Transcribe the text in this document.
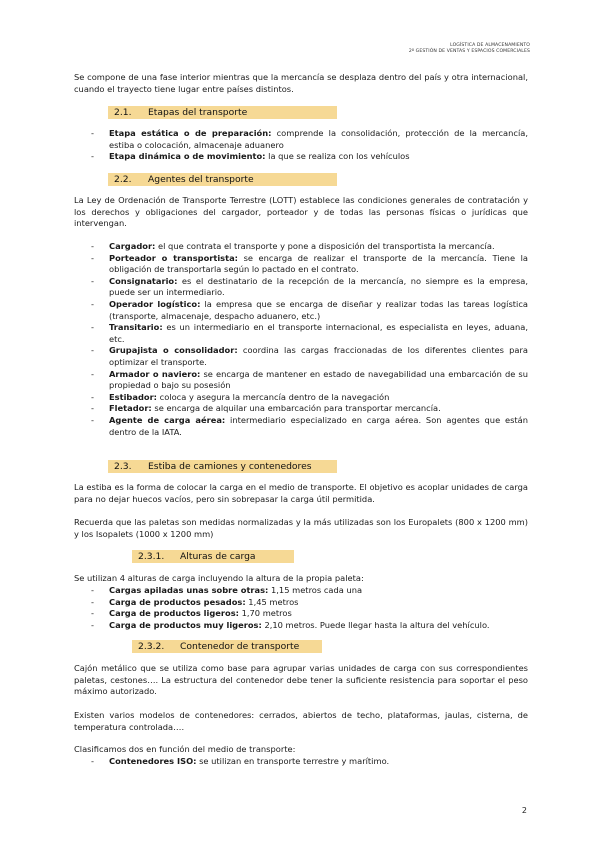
LOGÍSTICA DE ALMACENAMIENTO
2º GESTIÓN DE VENTAS Y ESPACIOS COMERCIALES
Se compone de una fase interior mientras que la mercancía se desplaza dentro del país y otra internacional, cuando el trayecto tiene lugar entre países distintos.
2.1. Etapas del transporte
- Etapa estática o de preparación: comprende la consolidación, protección de la mercancía, estiba o colocación, almacenaje aduanero
- Etapa dinámica o de movimiento: la que se realiza con los vehículos
2.2. Agentes del transporte
La Ley de Ordenación de Transporte Terrestre (LOTT) establece las condiciones generales de contratación y los derechos y obligaciones del cargador, porteador y de todas las personas físicas o jurídicas que intervengan.
- Cargador: el que contrata el transporte y pone a disposición del transportista la mercancía.
- Porteador o transportista: se encarga de realizar el transporte de la mercancía. Tiene la obligación de transportarla según lo pactado en el contrato.
- Consignatario: es el destinatario de la recepción de la mercancía, no siempre es la empresa, puede ser un intermediario.
- Operador logístico: la empresa que se encarga de diseñar y realizar todas las tareas logística (transporte, almacenaje, despacho aduanero, etc.)
- Transitario: es un intermediario en el transporte internacional, es especialista en leyes, aduana, etc.
- Grupajista o consolidador: coordina las cargas fraccionadas de los diferentes clientes para optimizar el transporte.
- Armador o naviero: se encarga de mantener en estado de navegabilidad una embarcación de su propiedad o bajo su posesión
- Estibador: coloca y asegura la mercancía dentro de la navegación
- Fletador: se encarga de alquilar una embarcación para transportar mercancía.
- Agente de carga aérea: intermediario especializado en carga aérea. Son agentes que están dentro de la IATA.
2.3. Estiba de camiones y contenedores
La estiba es la forma de colocar la carga en el medio de transporte. El objetivo es acoplar unidades de carga para no dejar huecos vacíos, pero sin sobrepasar la carga útil permitida.
Recuerda que las paletas son medidas normalizadas y la más utilizadas son los Europalets (800 x 1200 mm) y los Isopalets (1000 x 1200 mm)
2.3.1. Alturas de carga
Se utilizan 4 alturas de carga incluyendo la altura de la propia paleta:
- Cargas apiladas unas sobre otras: 1,15 metros cada una
- Carga de productos pesados: 1,45 metros
- Carga de productos ligeros: 1,70 metros
- Carga de productos muy ligeros: 2,10 metros. Puede llegar hasta la altura del vehículo.
2.3.2. Contenedor de transporte
Cajón metálico que se utiliza como base para agrupar varias unidades de carga con sus correspondientes paletas, cestones…. La estructura del contenedor debe tener la suficiente resistencia para soportar el peso máximo autorizado.
Existen varios modelos de contenedores: cerrados, abiertos de techo, plataformas, jaulas, cisterna, de temperatura controlada….
Clasificamos dos en función del medio de transporte:
- Contenedores ISO: se utilizan en transporte terrestre y marítimo.
2
